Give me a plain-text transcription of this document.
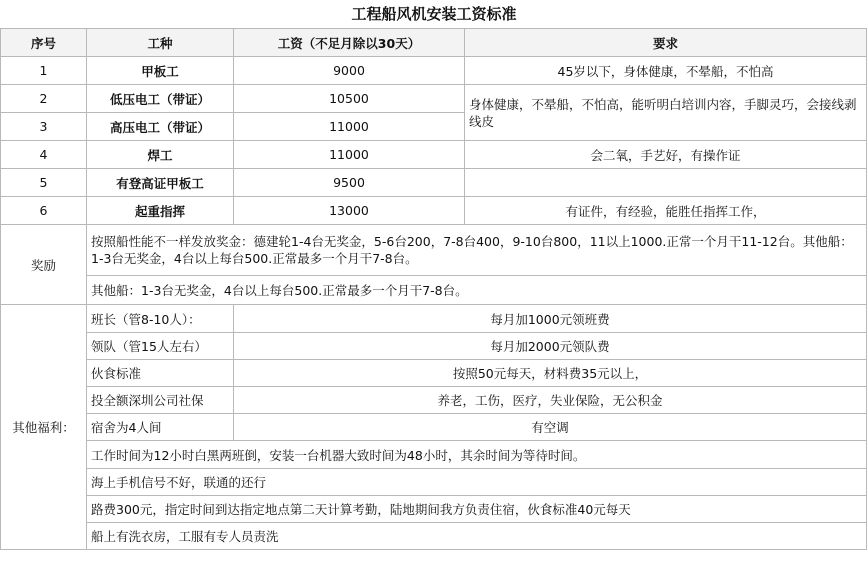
工程船风机安装工资标准
序号	工种	工资（不足月除以30天）	要求
1	甲板工	9000	45岁以下，身体健康，不晕船，不怕高
2	低压电工（带证）	10500	身体健康，不晕船，不怕高，能听明白培训内容，手脚灵巧，会接线剥线皮
3	高压电工（带证）	11000	
4	焊工	11000	会二氧，手艺好，有操作证
5	有登高证甲板工	9500	
6	起重指挥	13000	有证件，有经验，能胜任指挥工作，
奖励	按照船性能不一样发放奖金：德建轮1-4台无奖金，5-6台200，7-8台400，9-10台800，11以上1000.正常一个月干11-12台。其他船：1-3台无奖金，4台以上每台500.正常最多一个月干7-8台。		
	其他船：1-3台无奖金，4台以上每台500.正常最多一个月干7-8台。		
其他福利：	班长（管8-10人）：	每月加1000元领班费	
	领队（管15人左右）	每月加2000元领队费	
	伙食标准	按照50元每天，材料费35元以上，	
	投全额深圳公司社保	养老，工伤，医疗，失业保险，无公积金	
	宿舍为4人间	有空调	
	工作时间为12小时白黑两班倒，安装一台机器大致时间为48小时，其余时间为等待时间。		
	海上手机信号不好，联通的还行		
	路费300元，指定时间到达指定地点第二天计算考勤，陆地期间我方负责住宿，伙食标准40元每天		
	船上有洗衣房，工服有专人员责洗		
